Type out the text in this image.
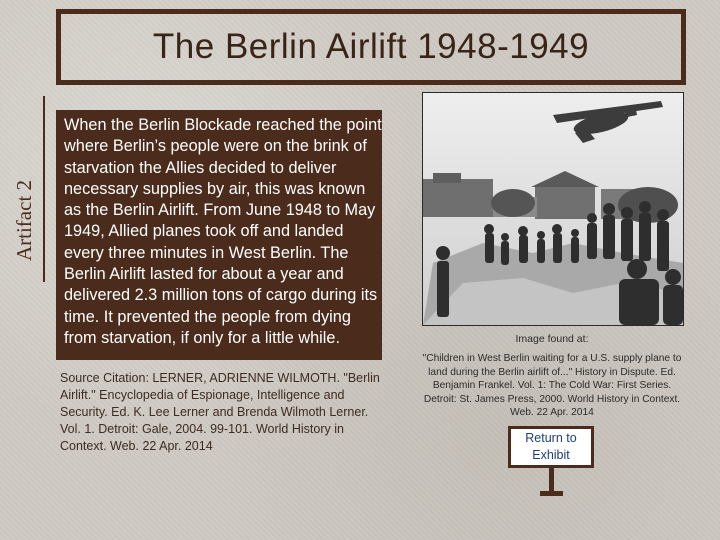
Artifact 2
The Berlin Airlift 1948-1949

When the Berlin Blockade reached the point where Berlin’s people were on the brink of starvation the Allies decided to deliver necessary supplies by air, this was known as the Berlin Airlift. From June 1948 to May 1949, Allied planes took off and landed every three minutes in West Berlin. The Berlin Airlift lasted for about a year and delivered 2.3 million tons of cargo during its time. It prevented the people from dying from starvation, if only for a little while.

Source Citation: LERNER, ADRIENNE WILMOTH. "Berlin Airlift." Encyclopedia of Espionage, Intelligence and Security. Ed. K. Lee Lerner and Brenda Wilmoth Lerner. Vol. 1. Detroit: Gale, 2004. 99-101. World History in Context. Web. 22 Apr. 2014

Image found at:
"Children in West Berlin waiting for a U.S. supply plane to land during the Berlin airlift of..." History in Dispute. Ed. Benjamin Frankel. Vol. 1: The Cold War: First Series. Detroit: St. James Press, 2000. World History in Context. Web. 22 Apr. 2014
Return to Exhibit
